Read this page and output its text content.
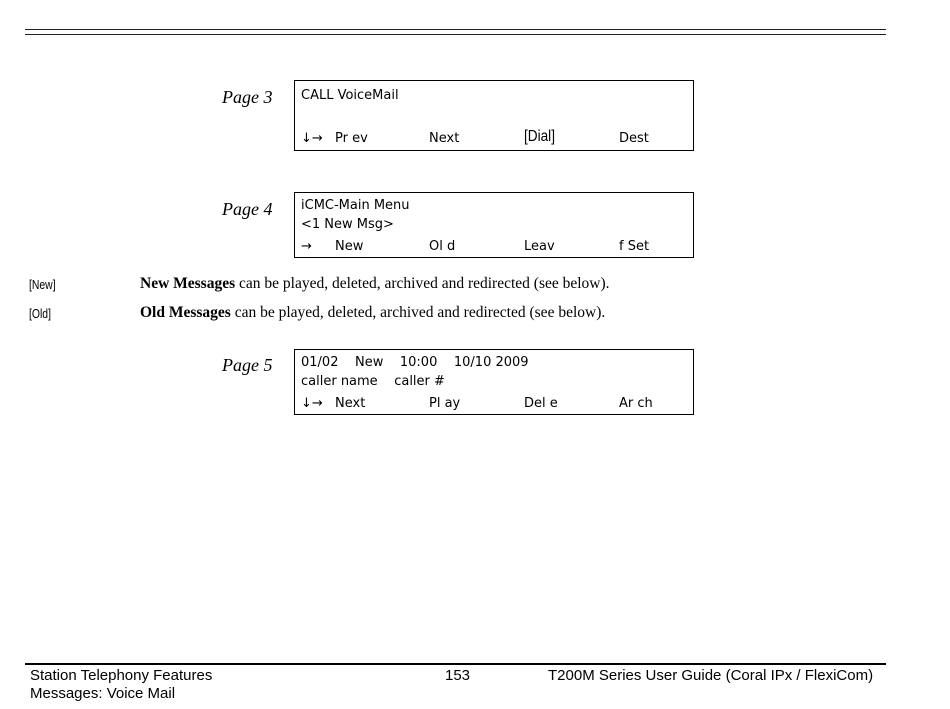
Page 3 CALL VoiceMail
↓→ Pr ev	Next	[Dial]	Dest
Page 4 iCMC-Main Menu
<1 New Msg>
→ New	Ol d	Leav	f Set
[New]	New Messages can be played, deleted, archived and redirected (see below).
[Old]	Old Messages can be played, deleted, archived and redirected (see below).
Page 5 01/02    New    10:00    10/10 2009
caller name    caller #
↓→ Next	Pl ay	Del e	Ar ch
Station Telephony Features
Messages: Voice Mail
153	T200M Series User Guide (Coral IPx / FlexiCom)
